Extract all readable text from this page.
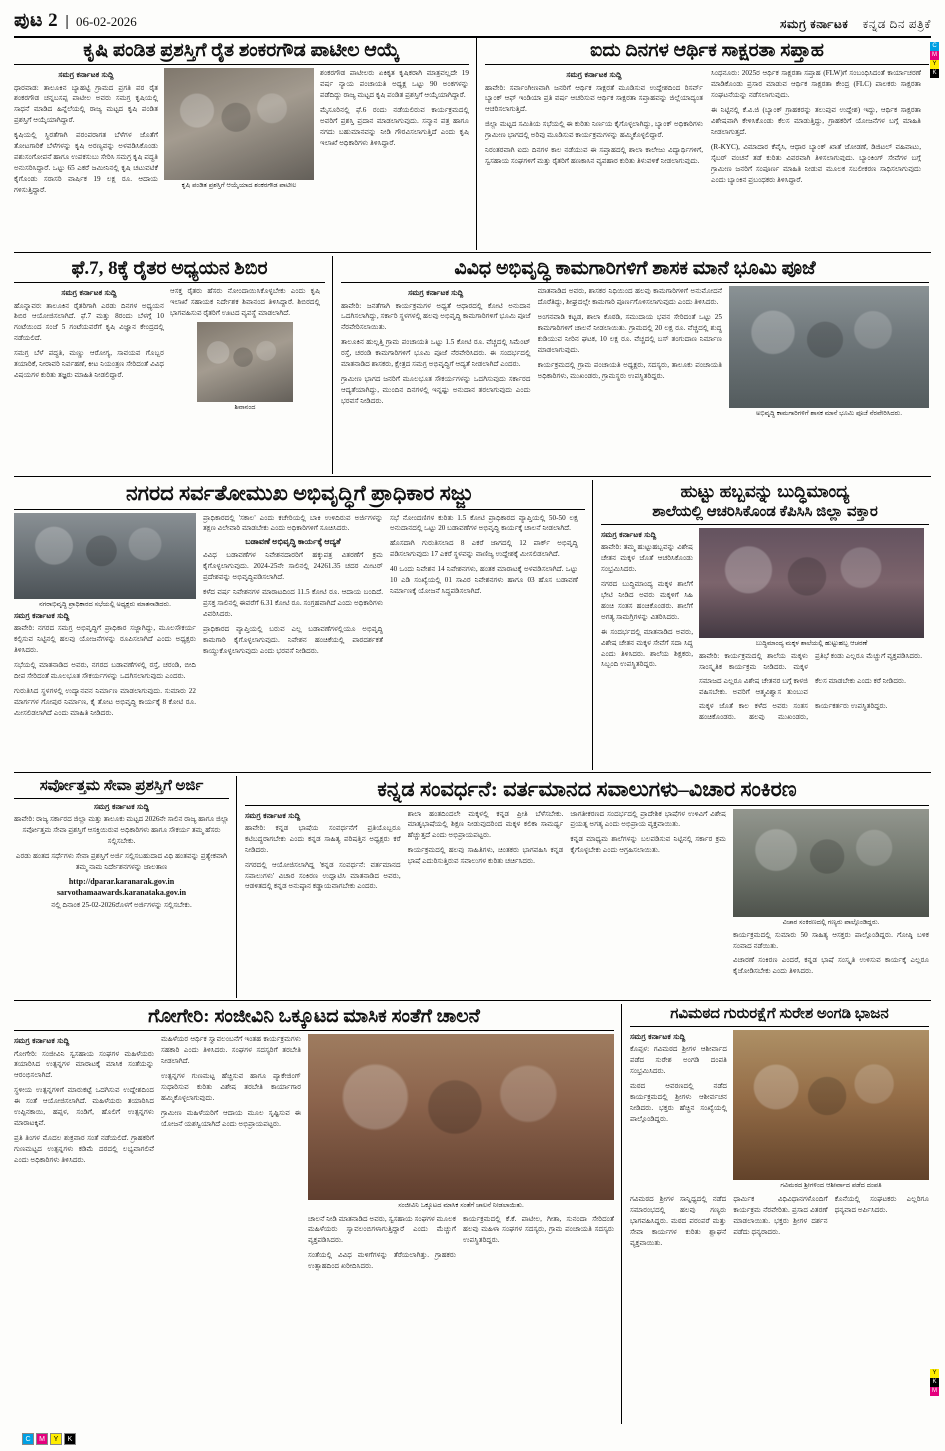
ಪುಟ 2 | 06-02-2026	ಸಮಗ್ರ ಕರ್ನಾಟಕ ಕನ್ನಡ ದಿನ ಪತ್ರಿಕೆ
ಕೃಷಿ ಪಂಡಿತ ಪ್ರಶಸ್ತಿಗೆ ರೈತ ಶಂಕರಗೌಡ ಪಾಟೀಲ ಆಯ್ಕೆ
ಸಮಗ್ರ ಕರ್ನಾಟಕ ಸುದ್ದಿ
ಧಾರವಾಡ: ತಾಲೂಕಿನ ಬ್ಯಾಹಟ್ಟಿ ಗ್ರಾಮದ ಪ್ರಗತಿ ಪರ ರೈತ ಶಂಕರಗೌಡ ಚನ್ನಬಸಪ್ಪ ಪಾಟೀಲ ಅವರು ಸಮಗ್ರ ಕೃಷಿಯಲ್ಲಿ ಸಾಧನೆ ಮಾಡಿದ ಹಿನ್ನೆಲೆಯಲ್ಲಿ ರಾಜ್ಯ ಮಟ್ಟದ ಕೃಷಿ ಪಂಡಿತ ಪ್ರಶಸ್ತಿಗೆ ಆಯ್ಕೆಯಾಗಿದ್ದಾರೆ.
ಕೃಷಿಯಲ್ಲಿ ಸ್ಥಿರತೆಗಾಗಿ ಪರಂಪರಾಗತ ಬೆಳೆಗಳ ಜೊತೆಗೆ ತೋಟಗಾರಿಕೆ ಬೆಳೆಗಳನ್ನು ಕೃಷಿ ಅರಣ್ಯವನ್ನು ಅಳವಡಿಸಿಕೊಂಡು ಪಶುಸಂಗೋಪನೆ ಹಾಗೂ ಉಪಕಸುಬು ಸೇರಿಸಿ ಸಮಗ್ರ ಕೃಷಿ ಪದ್ಧತಿ ಅನುಸರಿಸಿದ್ದಾರೆ. ಒಟ್ಟು 65 ಎಕರೆ ಜಮೀನಿನಲ್ಲಿ ಕೃಷಿ ಚಟುವಟಿಕೆ ಕೈಗೊಂಡು ಸರಾಸರಿ ವಾರ್ಷಿಕ 19 ಲಕ್ಷ ರೂ. ಆದಾಯ ಗಳಿಸುತ್ತಿದ್ದಾರೆ.
ಕೃಷಿ ಪಂಡಿತ ಪ್ರಶಸ್ತಿಗೆ ಆಯ್ಕೆಯಾದ ಶಂಕರಗೌಡ ಪಾಟೀಲ
ಶಂಕರಗೌಡ ಪಾಟೀಲರು ಏಕಿಕೃತ ಕೃಷಿಕರಾಗಿ ಮಾತ್ರವಲ್ಲದೇ 19 ವರ್ಷ ನ್ಯಾಯ ಪಂಚಾಯತಿ ಅಧ್ಯಕ್ಷ ಒಟ್ಟು 90 ಅಂಕಗಳನ್ನು ಪಡೆದಿದ್ದು ರಾಜ್ಯ ಮಟ್ಟದ ಕೃಷಿ ಪಂಡಿತ ಪ್ರಶಸ್ತಿಗೆ ಆಯ್ಕೆಯಾಗಿದ್ದಾರೆ.
ಮೈಸೂರಿನಲ್ಲಿ ಫೆ.6 ರಂದು ನಡೆಯಲಿರುವ ಕಾರ್ಯಕ್ರಮದಲ್ಲಿ ಅವರಿಗೆ ಪ್ರಶಸ್ತಿ ಪ್ರದಾನ ಮಾಡಲಾಗುವುದು. ಸನ್ಮಾನ ಪತ್ರ ಹಾಗೂ ನಗದು ಬಹುಮಾನವನ್ನು ನೀಡಿ ಗೌರವಿಸಲಾಗುತ್ತಿದೆ ಎಂದು ಕೃಷಿ ಇಲಾಖೆ ಅಧಿಕಾರಿಗಳು ತಿಳಿಸಿದ್ದಾರೆ.
ಐದು ದಿನಗಳ ಆರ್ಥಿಕ ಸಾಕ್ಷರತಾ ಸಪ್ತಾಹ
ಸಮಗ್ರ ಕರ್ನಾಟಕ ಸುದ್ದಿ
ಹಾವೇರಿ: ಸರ್ವಾಂಗೀಣವಾಗಿ ಜನರಿಗೆ ಆರ್ಥಿಕ ಸಾಕ್ಷರತೆ ಮೂಡಿಸುವ ಉದ್ದೇಶದಿಂದ ರಿಸರ್ವ್ ಬ್ಯಾಂಕ್ ಆಫ್ ಇಂಡಿಯಾ ಪ್ರತಿ ವರ್ಷ ಆಚರಿಸುವ ಆರ್ಥಿಕ ಸಾಕ್ಷರತಾ ಸಪ್ತಾಹವನ್ನು ಜಿಲ್ಲೆಯಾದ್ಯಂತ ಆಚರಿಸಲಾಗುತ್ತಿದೆ.
ಜಿಲ್ಲಾ ಮಟ್ಟದ ಸಮಿತಿಯ ಸಭೆಯಲ್ಲಿ ಈ ಕುರಿತು ನಿರ್ಣಯ ಕೈಗೊಳ್ಳಲಾಗಿದ್ದು, ಬ್ಯಾಂಕ್ ಅಧಿಕಾರಿಗಳು ಗ್ರಾಮೀಣ ಭಾಗದಲ್ಲಿ ಅರಿವು ಮೂಡಿಸುವ ಕಾರ್ಯಕ್ರಮಗಳನ್ನು ಹಮ್ಮಿಕೊಳ್ಳಲಿದ್ದಾರೆ.
ನಿರಂತರವಾಗಿ ಐದು ದಿನಗಳ ಕಾಲ ನಡೆಯುವ ಈ ಸಪ್ತಾಹದಲ್ಲಿ ಶಾಲಾ ಕಾಲೇಜು ವಿದ್ಯಾರ್ಥಿಗಳಿಗೆ, ಸ್ವಸಹಾಯ ಸಂಘಗಳಿಗೆ ಮತ್ತು ರೈತರಿಗೆ ಹಣಕಾಸಿನ ವ್ಯವಹಾರ ಕುರಿತು ತಿಳುವಳಿಕೆ ನೀಡಲಾಗುವುದು.
ಸಿಂಧನೂರು: 2025ರ ಆರ್ಥಿಕ ಸಾಕ್ಷರತಾ ಸಪ್ತಾಹ (FLW)ಗೆ ಸಂಬಂಧಿಸಿದಂತೆ ಕಾರ್ಯಾಚರಣೆ ಮಾಡಿಕೊಂಡು ಪ್ರಸಾರ ಮಾಡುವ ಆರ್ಥಿಕ ಸಾಕ್ಷರತಾ ಕೇಂದ್ರ (FLC) ಪಾಲಕರು ಸಾಕ್ಷರತಾ ಸಂಘಟನೆಯನ್ನು ನಡೆಸಲಾಗುವುದು.
ಈ ನಿಟ್ಟಿನಲ್ಲಿ ಕೆ.ವಿ.ಜಿ (ಬ್ಯಾಂಕ್ ಗ್ರಾಹಕರನ್ನು ತಲುಪುವ ಉದ್ದೇಶ) ಇದ್ದು, ಆರ್ಥಿಕ ಸಾಕ್ಷರತಾ ವಿಶೇಷವಾಗಿ ಕೇಳಿಸಿಕೊಂಡು ಕೆಲಸ ಮಾಡುತ್ತಿದ್ದು, ಗ್ರಾಹಕರಿಗೆ ಯೋಜನೆಗಳ ಬಗ್ಗೆ ಮಾಹಿತಿ ನೀಡಲಾಗುತ್ತದೆ.
(R-KYC), ವಿಮಾದಾರ ಕೆವೈಸಿ, ಆಧಾರ ಬ್ಯಾಂಕ್ ಖಾತೆ ಜೋಡಣೆ, ಡಿಜಿಟಲ್ ವಹಿವಾಟು, ಸೈಬರ್ ವಂಚನೆ ತಡೆ ಕುರಿತು ವಿವರವಾಗಿ ತಿಳಿಸಲಾಗುವುದು. ಬ್ಯಾಂಕಿಂಗ್ ಸೇವೆಗಳ ಬಗ್ಗೆ ಗ್ರಾಮೀಣ ಜನರಿಗೆ ಸಂಪೂರ್ಣ ಮಾಹಿತಿ ನೀಡುವ ಮೂಲಕ ಸಬಲೀಕರಣ ಸಾಧಿಸಲಾಗುವುದು ಎಂದು ಬ್ಯಾಂಕಿನ ಪ್ರಬಂಧಕರು ತಿಳಿಸಿದ್ದಾರೆ.
C
M
Y
K
ಫೆ.7, 8ಕ್ಕೆ ರೈತರ ಅಧ್ಯಯನ ಶಿಬಿರ
ಸಮಗ್ರ ಕರ್ನಾಟಕ ಸುದ್ದಿ
ಹೊನ್ನಾವರ: ತಾಲೂಕಿನ ರೈತರಿಗಾಗಿ ಎರಡು ದಿನಗಳ ಅಧ್ಯಯನ ಶಿಬಿರ ಆಯೋಜಿಸಲಾಗಿದೆ. ಫೆ.7 ಮತ್ತು 8ರಂದು ಬೆಳಗ್ಗೆ 10 ಗಂಟೆಯಿಂದ ಸಂಜೆ 5 ಗಂಟೆಯವರೆಗೆ ಕೃಷಿ ವಿಜ್ಞಾನ ಕೇಂದ್ರದಲ್ಲಿ ನಡೆಯಲಿದೆ.
ಸಮಗ್ರ ಬೆಳೆ ಪದ್ಧತಿ, ಮಣ್ಣು ಆರೋಗ್ಯ, ಸಾವಯವ ಗೊಬ್ಬರ ತಯಾರಿಕೆ, ನೀರಾವರಿ ನಿರ್ವಹಣೆ, ಕೀಟ ನಿಯಂತ್ರಣ ಸೇರಿದಂತೆ ವಿವಿಧ ವಿಷಯಗಳ ಕುರಿತು ತಜ್ಞರು ಮಾಹಿತಿ ನೀಡಲಿದ್ದಾರೆ.
ಆಸಕ್ತ ರೈತರು ಹೆಸರು ನೋಂದಾಯಿಸಿಕೊಳ್ಳಬೇಕು ಎಂದು ಕೃಷಿ ಇಲಾಖೆ ಸಹಾಯಕ ನಿರ್ದೇಶಕ ಶಿವಾನಂದ ತಿಳಿಸಿದ್ದಾರೆ. ಶಿಬಿರದಲ್ಲಿ ಭಾಗವಹಿಸುವ ರೈತರಿಗೆ ಊಟದ ವ್ಯವಸ್ಥೆ ಮಾಡಲಾಗಿದೆ.
ಶಿವಾನಂದ
ವಿವಿಧ ಅಭಿವೃದ್ಧಿ ಕಾಮಗಾರಿಗಳಿಗೆ ಶಾಸಕ ಮಾನೆ ಭೂಮಿ ಪೂಜೆ
ಸಮಗ್ರ ಕರ್ನಾಟಕ ಸುದ್ದಿ
ಹಾವೇರಿ: ಜನತೆಗಾಗಿ ಕಾರ್ಯಕ್ರಮಗಳ ಅಧ್ಯತೆ ಆಧಾರದಲ್ಲಿ ಕೋಟಿ ಅನುದಾನ ಒದಗಿಸಲಾಗಿದ್ದು, ಸರ್ಕಾರಿ ಸ್ಥಳಗಳಲ್ಲಿ ಹಲವು ಅಭಿವೃದ್ಧಿ ಕಾಮಗಾರಿಗಳಿಗೆ ಭೂಮಿ ಪೂಜೆ ನೆರವೇರಿಸಲಾಯಿತು.
ತಾಲೂಕಿನ ಹುಲ್ಲತ್ತಿ ಗ್ರಾಮ ಪಂಚಾಯತಿ ಒಟ್ಟು 1.5 ಕೋಟಿ ರೂ. ವೆಚ್ಚದಲ್ಲಿ ಸಿಮೆಂಟ್ ರಸ್ತೆ, ಚರಂಡಿ ಕಾಮಗಾರಿಗಳಿಗೆ ಭೂಮಿ ಪೂಜೆ ನೆರವೇರಿಸಿದರು. ಈ ಸಂದರ್ಭದಲ್ಲಿ ಮಾತನಾಡಿದ ಶಾಸಕರು, ಕ್ಷೇತ್ರದ ಸಮಗ್ರ ಅಭಿವೃದ್ಧಿಗೆ ಆದ್ಯತೆ ನೀಡಲಾಗಿದೆ ಎಂದರು.
ಗ್ರಾಮೀಣ ಭಾಗದ ಜನರಿಗೆ ಮೂಲಭೂತ ಸೌಕರ್ಯಗಳನ್ನು ಒದಗಿಸುವುದು ಸರ್ಕಾರದ ಆದ್ಯತೆಯಾಗಿದ್ದು, ಮುಂದಿನ ದಿನಗಳಲ್ಲಿ ಇನ್ನಷ್ಟು ಅನುದಾನ ತರಲಾಗುವುದು ಎಂದು ಭರವಸೆ ನೀಡಿದರು.
ಮಾತನಾಡಿದ ಅವರು, ಶಾಸಕರ ನಿಧಿಯಿಂದ ಹಲವು ಕಾಮಗಾರಿಗಳಿಗೆ ಅನುಮೋದನೆ ದೊರೆತಿದ್ದು, ಶೀಘ್ರದಲ್ಲೇ ಕಾಮಗಾರಿ ಪೂರ್ಣಗೊಳಿಸಲಾಗುವುದು ಎಂದು ತಿಳಿಸಿದರು.
ಅಂಗನವಾಡಿ ಕಟ್ಟಡ, ಶಾಲಾ ಕೊಠಡಿ, ಸಮುದಾಯ ಭವನ ಸೇರಿದಂತೆ ಒಟ್ಟು 25 ಕಾಮಗಾರಿಗಳಿಗೆ ಚಾಲನೆ ನೀಡಲಾಯಿತು. ಗ್ರಾಮದಲ್ಲಿ 20 ಲಕ್ಷ ರೂ. ವೆಚ್ಚದಲ್ಲಿ ಶುದ್ಧ ಕುಡಿಯುವ ನೀರಿನ ಘಟಕ, 10 ಲಕ್ಷ ರೂ. ವೆಚ್ಚದಲ್ಲಿ ಬಸ್ ತಂಗುದಾಣ ನಿರ್ಮಾಣ ಮಾಡಲಾಗುವುದು.
ಕಾರ್ಯಕ್ರಮದಲ್ಲಿ ಗ್ರಾಮ ಪಂಚಾಯತಿ ಅಧ್ಯಕ್ಷರು, ಸದಸ್ಯರು, ತಾಲೂಕು ಪಂಚಾಯತಿ ಅಧಿಕಾರಿಗಳು, ಮುಖಂಡರು, ಗ್ರಾಮಸ್ಥರು ಉಪಸ್ಥಿತರಿದ್ದರು.
ಅಭಿವೃದ್ಧಿ ಕಾಮಗಾರಿಗಳಿಗೆ ಶಾಸಕ ಮಾನೆ ಭೂಮಿ ಪೂಜೆ ನೆರವೇರಿಸಿದರು.
ನಗರದ ಸರ್ವತೋಮುಖ ಅಭಿವೃದ್ಧಿಗೆ ಪ್ರಾಧಿಕಾರ ಸಜ್ಜು
ನಗರಾಭಿವೃದ್ಧಿ ಪ್ರಾಧಿಕಾರದ ಸಭೆಯಲ್ಲಿ ಅಧ್ಯಕ್ಷರು ಮಾತನಾಡಿದರು.
ಸಮಗ್ರ ಕರ್ನಾಟಕ ಸುದ್ದಿ
ಹಾವೇರಿ: ನಗರದ ಸಮಗ್ರ ಅಭಿವೃದ್ಧಿಗೆ ಪ್ರಾಧಿಕಾರ ಸಜ್ಜಾಗಿದ್ದು, ಮೂಲಸೌಕರ್ಯ ಕಲ್ಪಿಸುವ ನಿಟ್ಟಿನಲ್ಲಿ ಹಲವು ಯೋಜನೆಗಳನ್ನು ರೂಪಿಸಲಾಗಿದೆ ಎಂದು ಅಧ್ಯಕ್ಷರು ತಿಳಿಸಿದರು.
ಸಭೆಯಲ್ಲಿ ಮಾತನಾಡಿದ ಅವರು, ನಗರದ ಬಡಾವಣೆಗಳಲ್ಲಿ ರಸ್ತೆ, ಚರಂಡಿ, ಬೀದಿ ದೀಪ ಸೇರಿದಂತೆ ಮೂಲಭೂತ ಸೌಕರ್ಯಗಳನ್ನು ಒದಗಿಸಲಾಗುವುದು ಎಂದರು.
ಗುರುತಿಸಿದ ಸ್ಥಳಗಳಲ್ಲಿ ಉದ್ಯಾನವನ ನಿರ್ಮಾಣ ಮಾಡಲಾಗುವುದು. ಸುಮಾರು 22 ಮಾರ್ಗಗಳ ಗೋಪುರ ನಿರ್ಮಾಣ, ಕೈ ತೋಟ ಅಭಿವೃದ್ಧಿ ಕಾರ್ಯಕ್ಕೆ 8 ಕೋಟಿ ರೂ. ಮೀಸಲಿಡಲಾಗಿದೆ ಎಂದು ಮಾಹಿತಿ ನೀಡಿದರು.
ಪ್ರಾಧಿಕಾರದಲ್ಲಿ 'ಸಕಾಲ' ಎಂದು ಕಚೇರಿಯಲ್ಲಿ ಬಾಕಿ ಉಳಿದಿರುವ ಅರ್ಜಿಗಳನ್ನು ತಕ್ಷಣ ವಿಲೇವಾರಿ ಮಾಡಬೇಕು ಎಂದು ಅಧಿಕಾರಿಗಳಿಗೆ ಸೂಚಿಸಿದರು.
ಬಡಾವಣೆ ಅಭಿವೃದ್ಧಿ ಕಾರ್ಯಕ್ಕೆ ಆದ್ಯತೆ
ವಿವಿಧ ಬಡಾವಣೆಗಳ ನಿವೇಶನದಾರರಿಗೆ ಹಕ್ಕುಪತ್ರ ವಿತರಣೆಗೆ ಕ್ರಮ ಕೈಗೊಳ್ಳಲಾಗುವುದು. 2024-25ನೇ ಸಾಲಿನಲ್ಲಿ 24261.35 ಚದರ ಮೀಟರ್ ಪ್ರದೇಶವನ್ನು ಅಭಿವೃದ್ಧಿಪಡಿಸಲಾಗಿದೆ.
ಕಳೆದ ವರ್ಷ ನಿವೇಶನಗಳ ಮಾರಾಟದಿಂದ 11.5 ಕೋಟಿ ರೂ. ಆದಾಯ ಬಂದಿದೆ. ಪ್ರಸಕ್ತ ಸಾಲಿನಲ್ಲಿ ಈವರೆಗೆ 6.31 ಕೋಟಿ ರೂ. ಸಂಗ್ರಹವಾಗಿದೆ ಎಂದು ಅಧಿಕಾರಿಗಳು ವಿವರಿಸಿದರು.
ಪ್ರಾಧಿಕಾರದ ವ್ಯಾಪ್ತಿಯಲ್ಲಿ ಬರುವ ಎಲ್ಲ ಬಡಾವಣೆಗಳಲ್ಲಿಯೂ ಅಭಿವೃದ್ಧಿ ಕಾಮಗಾರಿ ಕೈಗೊಳ್ಳಲಾಗುವುದು. ನಿವೇಶನ ಹಂಚಿಕೆಯಲ್ಲಿ ಪಾರದರ್ಶಕತೆ ಕಾಯ್ದುಕೊಳ್ಳಲಾಗುವುದು ಎಂದು ಭರವಸೆ ನೀಡಿದರು.
ಸಭೆ ನೋಂದಣಿಗಳ ಕುರಿತು 1.5 ಕೋಟಿ ಪ್ರಾಧಿಕಾರದ ವ್ಯಾಪ್ತಿಯಲ್ಲಿ 50-50 ಲಕ್ಷ ಅನುದಾನದಲ್ಲಿ ಒಟ್ಟು 20 ಬಡಾವಣೆಗಳ ಅಭಿವೃದ್ಧಿ ಕಾರ್ಯಕ್ಕೆ ಚಾಲನೆ ನೀಡಲಾಗಿದೆ.
ಹೊಸದಾಗಿ ಗುರುತಿಸಲಾದ 8 ಎಕರೆ ಜಾಗದಲ್ಲಿ 12 ಪಾರ್ಕ್ ಅಭಿವೃದ್ಧಿ ಪಡಿಸಲಾಗುವುದು 17 ಎಕರೆ ಸ್ಥಳವನ್ನು ವಾಣಿಜ್ಯ ಉದ್ದೇಶಕ್ಕೆ ಮೀಸಲಿಡಲಾಗಿದೆ.
40 ಒಂದು ನಿವೇಶನ 14 ನಿವೇಶನಗಳು, ಹಂತಕ ಮಾರಾಟಕ್ಕೆ ಅಳವಡಿಸಲಾಗಿದೆ. ಒಟ್ಟು 10 ಎಡಿ ಸಂಖ್ಯೆಯಲ್ಲಿ 01 ಸಾವಿರ ನಿವೇಶನಗಳು ಹಾಗೂ 03 ಹೊಸ ಬಡಾವಣೆ ನಿರ್ಮಾಣಕ್ಕೆ ಯೋಜನೆ ಸಿದ್ಧಪಡಿಸಲಾಗಿದೆ.
ಹುಟ್ಟು ಹಬ್ಬವನ್ನು ಬುದ್ಧಿಮಾಂದ್ಯ
ಶಾಲೆಯಲ್ಲಿ ಆಚರಿಸಿಕೊಂಡ ಕೆಪಿಸಿಸಿ ಜಿಲ್ಲಾ ವಕ್ತಾರ
ಸಮಗ್ರ ಕರ್ನಾಟಕ ಸುದ್ದಿ
ಹಾವೇರಿ: ತಮ್ಮ ಹುಟ್ಟುಹಬ್ಬವನ್ನು ವಿಶೇಷ ಚೇತನ ಮಕ್ಕಳ ಜೊತೆ ಆಚರಿಸಿಕೊಂಡು ಸಂಭ್ರಮಿಸಿದರು.
ನಗರದ ಬುದ್ಧಿಮಾಂದ್ಯ ಮಕ್ಕಳ ಶಾಲೆಗೆ ಭೇಟಿ ನೀಡಿದ ಅವರು ಮಕ್ಕಳಿಗೆ ಸಿಹಿ ಹಂಚಿ ಸಂತಸ ಹಂಚಿಕೊಂಡರು. ಶಾಲೆಗೆ ಅಗತ್ಯ ಸಾಮಗ್ರಿಗಳನ್ನು ವಿತರಿಸಿದರು.
ಈ ಸಂದರ್ಭದಲ್ಲಿ ಮಾತನಾಡಿದ ಅವರು, ವಿಶೇಷ ಚೇತನ ಮಕ್ಕಳ ಸೇವೆಗೆ ಸದಾ ಸಿದ್ಧ ಎಂದು ತಿಳಿಸಿದರು. ಶಾಲೆಯ ಶಿಕ್ಷಕರು, ಸಿಬ್ಬಂದಿ ಉಪಸ್ಥಿತರಿದ್ದರು.
ಬುದ್ಧಿಮಾಂದ್ಯ ಮಕ್ಕಳ ಶಾಲೆಯಲ್ಲಿ ಹುಟ್ಟುಹಬ್ಬ ಆಚರಣೆ
ಹಾವೇರಿ: ಕಾರ್ಯಕ್ರಮದಲ್ಲಿ ಶಾಲೆಯ ಮಕ್ಕಳು ಸಾಂಸ್ಕೃತಿಕ ಕಾರ್ಯಕ್ರಮ ನೀಡಿದರು. ಮಕ್ಕಳ ಪ್ರತಿಭೆ ಕಂಡು ಎಲ್ಲರೂ ಮೆಚ್ಚುಗೆ ವ್ಯಕ್ತಪಡಿಸಿದರು.
ಸಮಾಜದ ಎಲ್ಲರೂ ವಿಶೇಷ ಚೇತನರ ಬಗ್ಗೆ ಕಾಳಜಿ ವಹಿಸಬೇಕು. ಅವರಿಗೆ ಆತ್ಮವಿಶ್ವಾಸ ತುಂಬುವ ಕೆಲಸ ಮಾಡಬೇಕು ಎಂದು ಕರೆ ನೀಡಿದರು.
ಮಕ್ಕಳ ಜೊತೆ ಕಾಲ ಕಳೆದ ಅವರು ಸಂತಸ ಹಂಚಿಕೊಂಡರು. ಹಲವು ಮುಖಂಡರು, ಕಾರ್ಯಕರ್ತರು ಉಪಸ್ಥಿತರಿದ್ದರು.
ಸರ್ವೋತ್ತಮ ಸೇವಾ ಪ್ರಶಸ್ತಿಗೆ ಅರ್ಜಿ
ಸಮಗ್ರ ಕರ್ನಾಟಕ ಸುದ್ದಿ
ಹಾವೇರಿ: ರಾಜ್ಯ ಸರ್ಕಾರದ ಜಿಲ್ಲಾ ಮತ್ತು ತಾಲೂಕು ಮಟ್ಟದ 2026ನೇ ಸಾಲಿನ ರಾಜ್ಯ ಹಾಗೂ ಜಿಲ್ಲಾ ಸರ್ವೋತ್ತಮ ಸೇವಾ ಪ್ರಶಸ್ತಿಗೆ ಆಸಕ್ತಿಯಿರುವ ಅಧಿಕಾರಿಗಳು ಹಾಗೂ ಸೌಕರ್ಯ ತಮ್ಮ ಹೆಸರು ಸಲ್ಲಿಸಬೇಕು.
ಎರಡು ಹಂತದ ಸರ್ಧೆಗಳು ಸೇವಾ ಪ್ರಶಸ್ತಿಗೆ ಅರ್ಜಿ ಸಲ್ಲಿಸಬಹುದಾದ ವಿಧಿ ಹಂತವನ್ನು ಪ್ರತ್ಯೇಕವಾಗಿ ತಮ್ಮ ನಾಮ ನಿರ್ದೇಶನಗಳನ್ನು ಜಾಲತಾಣ
http://dparar.karanarak.gov.in
sarvothamaawards.karanataka.gov.in
ನಲ್ಲಿ ದಿನಾಂಕ 25-02-2026ರೊಳಗೆ ಅರ್ಜಿಗಳನ್ನು ಸಲ್ಲಿಸಬೇಕು.
ಕನ್ನಡ ಸಂವರ್ಧನೆ: ವರ್ತಮಾನದ ಸವಾಲುಗಳು–ವಿಚಾರ ಸಂಕಿರಣ
ಸಮಗ್ರ ಕರ್ನಾಟಕ ಸುದ್ದಿ
ಹಾವೇರಿ: ಕನ್ನಡ ಭಾಷೆಯ ಸಂವರ್ಧನೆಗೆ ಪ್ರತಿಯೊಬ್ಬರೂ ಕಟಿಬದ್ಧರಾಗಬೇಕು ಎಂದು ಕನ್ನಡ ಸಾಹಿತ್ಯ ಪರಿಷತ್ತಿನ ಅಧ್ಯಕ್ಷರು ಕರೆ ನೀಡಿದರು.
ನಗರದಲ್ಲಿ ಆಯೋಜಿಸಲಾಗಿದ್ದ 'ಕನ್ನಡ ಸಂವರ್ಧನೆ: ವರ್ತಮಾನದ ಸವಾಲುಗಳು' ವಿಚಾರ ಸಂಕಿರಣ ಉದ್ಘಾಟಿಸಿ ಮಾತನಾಡಿದ ಅವರು, ಆಡಳಿತದಲ್ಲಿ ಕನ್ನಡ ಅನುಷ್ಠಾನ ಕಡ್ಡಾಯವಾಗಬೇಕು ಎಂದರು.
ಶಾಲಾ ಹಂತದಿಂದಲೇ ಮಕ್ಕಳಲ್ಲಿ ಕನ್ನಡ ಪ್ರೀತಿ ಬೆಳೆಸಬೇಕು. ಮಾತೃಭಾಷೆಯಲ್ಲಿ ಶಿಕ್ಷಣ ನೀಡುವುದರಿಂದ ಮಕ್ಕಳ ಕಲಿಕಾ ಸಾಮರ್ಥ್ಯ ಹೆಚ್ಚುತ್ತದೆ ಎಂದು ಅಭಿಪ್ರಾಯಪಟ್ಟರು.
ಕಾರ್ಯಕ್ರಮದಲ್ಲಿ ಹಲವು ಸಾಹಿತಿಗಳು, ಚಿಂತಕರು ಭಾಗವಹಿಸಿ ಕನ್ನಡ ಭಾಷೆ ಎದುರಿಸುತ್ತಿರುವ ಸವಾಲುಗಳ ಕುರಿತು ಚರ್ಚಿಸಿದರು.
ಜಾಗತೀಕರಣದ ಸಂದರ್ಭದಲ್ಲಿ ಪ್ರಾದೇಶಿಕ ಭಾಷೆಗಳ ಉಳಿವಿಗೆ ವಿಶೇಷ ಪ್ರಯತ್ನ ಅಗತ್ಯ ಎಂದು ಅಭಿಪ್ರಾಯ ವ್ಯಕ್ತವಾಯಿತು.
ಕನ್ನಡ ಮಾಧ್ಯಮ ಶಾಲೆಗಳನ್ನು ಬಲಪಡಿಸುವ ನಿಟ್ಟಿನಲ್ಲಿ ಸರ್ಕಾರ ಕ್ರಮ ಕೈಗೊಳ್ಳಬೇಕು ಎಂದು ಆಗ್ರಹಿಸಲಾಯಿತು.
ವಿಚಾರ ಸಂಕಿರಣದಲ್ಲಿ ಗಣ್ಯರು ಪಾಲ್ಗೊಂಡಿದ್ದರು.
ಕಾರ್ಯಕ್ರಮದಲ್ಲಿ ಸುಮಾರು 50 ಸಾಹಿತ್ಯ ಆಸಕ್ತರು ಪಾಲ್ಗೊಂಡಿದ್ದರು. ಗೋಷ್ಠಿ ಬಳಿಕ ಸಂವಾದ ನಡೆಯಿತು.
ವಿಚಾರಣೆ ಸಂಕಿರಣ ಎಂದರೆ, ಕನ್ನಡ ಭಾಷೆ ಸಂಸ್ಕೃತಿ ಉಳಿಸುವ ಕಾರ್ಯಕ್ಕೆ ಎಲ್ಲರೂ ಕೈಜೋಡಿಸಬೇಕು ಎಂದು ತಿಳಿಸಿದರು.
ಗೋಗೇರಿ: ಸಂಜೀವಿನಿ ಒಕ್ಕೂಟದ ಮಾಸಿಕ ಸಂತೆಗೆ ಚಾಲನೆ
ಸಮಗ್ರ ಕರ್ನಾಟಕ ಸುದ್ದಿ
ಗೋಗೇರಿ: ಸಂಜೀವಿನಿ ಸ್ವಸಹಾಯ ಸಂಘಗಳ ಮಹಿಳೆಯರು ತಯಾರಿಸಿದ ಉತ್ಪನ್ನಗಳ ಮಾರಾಟಕ್ಕೆ ಮಾಸಿಕ ಸಂತೆಯನ್ನು ಆರಂಭಿಸಲಾಗಿದೆ.
ಸ್ಥಳೀಯ ಉತ್ಪನ್ನಗಳಿಗೆ ಮಾರುಕಟ್ಟೆ ಒದಗಿಸುವ ಉದ್ದೇಶದಿಂದ ಈ ಸಂತೆ ಆಯೋಜಿಸಲಾಗಿದೆ. ಮಹಿಳೆಯರು ತಯಾರಿಸಿದ ಉಪ್ಪಿನಕಾಯಿ, ಹಪ್ಪಳ, ಸಂಡಿಗೆ, ಹೊಲಿಗೆ ಉತ್ಪನ್ನಗಳು ಮಾರಾಟಕ್ಕಿವೆ.
ಪ್ರತಿ ತಿಂಗಳ ಮೊದಲ ಶುಕ್ರವಾರ ಸಂತೆ ನಡೆಯಲಿದೆ. ಗ್ರಾಹಕರಿಗೆ ಗುಣಮಟ್ಟದ ಉತ್ಪನ್ನಗಳು ಕಡಿಮೆ ದರದಲ್ಲಿ ಲಭ್ಯವಾಗಲಿವೆ ಎಂದು ಅಧಿಕಾರಿಗಳು ತಿಳಿಸಿದರು.
ಮಹಿಳೆಯರ ಆರ್ಥಿಕ ಸ್ವಾವಲಂಬನೆಗೆ ಇಂತಹ ಕಾರ್ಯಕ್ರಮಗಳು ಸಹಕಾರಿ ಎಂದು ತಿಳಿಸಿದರು. ಸಂಘಗಳ ಸದಸ್ಯರಿಗೆ ತರಬೇತಿ ನೀಡಲಾಗಿದೆ.
ಉತ್ಪನ್ನಗಳ ಗುಣಮಟ್ಟ ಹೆಚ್ಚಿಸುವ ಹಾಗೂ ಪ್ಯಾಕೇಜಿಂಗ್ ಸುಧಾರಿಸುವ ಕುರಿತು ವಿಶೇಷ ತರಬೇತಿ ಕಾರ್ಯಾಗಾರ ಹಮ್ಮಿಕೊಳ್ಳಲಾಗುವುದು.
ಗ್ರಾಮೀಣ ಮಹಿಳೆಯರಿಗೆ ಆದಾಯ ಮೂಲ ಸೃಷ್ಟಿಸುವ ಈ ಯೋಜನೆ ಯಶಸ್ವಿಯಾಗಿದೆ ಎಂದು ಅಭಿಪ್ರಾಯಪಟ್ಟರು.
ಸಂಜೀವಿನಿ ಒಕ್ಕೂಟದ ಮಾಸಿಕ ಸಂತೆಗೆ ಚಾಲನೆ ನೀಡಲಾಯಿತು.
ಚಾಲನೆ ನೀಡಿ ಮಾತನಾಡಿದ ಅವರು, ಸ್ವಸಹಾಯ ಸಂಘಗಳ ಮೂಲಕ ಮಹಿಳೆಯರು ಸ್ವಾವಲಂಬಿಗಳಾಗುತ್ತಿದ್ದಾರೆ ಎಂದು ಮೆಚ್ಚುಗೆ ವ್ಯಕ್ತಪಡಿಸಿದರು.
ಸಂತೆಯಲ್ಲಿ ವಿವಿಧ ಮಳಿಗೆಗಳನ್ನು ತೆರೆಯಲಾಗಿತ್ತು. ಗ್ರಾಹಕರು ಉತ್ಸಾಹದಿಂದ ಖರೀದಿಸಿದರು.
ಕಾರ್ಯಕ್ರಮದಲ್ಲಿ ಕೆ.ಕೆ. ಪಾಟೀಲ, ಗೀತಾ, ಸುನಂದಾ ಸೇರಿದಂತೆ ಹಲವು ಮಹಿಳಾ ಸಂಘಗಳ ಸದಸ್ಯರು, ಗ್ರಾಮ ಪಂಚಾಯತಿ ಸದಸ್ಯರು ಉಪಸ್ಥಿತರಿದ್ದರು.
ಗವಿಮಠದ ಗುರುರಕ್ಷೆಗೆ ಸುರೇಶ ಅಂಗಡಿ ಭಾಜನ
ಸಮಗ್ರ ಕರ್ನಾಟಕ ಸುದ್ದಿ
ಕೊಪ್ಪಳ: ಗವಿಮಠದ ಶ್ರೀಗಳ ಆಶೀರ್ವಾದ ಪಡೆದ ಸುರೇಶ ಅಂಗಡಿ ದಂಪತಿ ಸಂಭ್ರಮಿಸಿದರು.
ಮಠದ ಆವರಣದಲ್ಲಿ ನಡೆದ ಕಾರ್ಯಕ್ರಮದಲ್ಲಿ ಶ್ರೀಗಳು ಆಶೀರ್ವಚನ ನೀಡಿದರು. ಭಕ್ತರು ಹೆಚ್ಚಿನ ಸಂಖ್ಯೆಯಲ್ಲಿ ಪಾಲ್ಗೊಂಡಿದ್ದರು.
ಗವಿಮಠದ ಶ್ರೀಗಳಿಂದ ಆಶೀರ್ವಾದ ಪಡೆದ ದಂಪತಿ
ಗವಿಮಠದ ಶ್ರೀಗಳ ಸಾನ್ನಿಧ್ಯದಲ್ಲಿ ನಡೆದ ಸಮಾರಂಭದಲ್ಲಿ ಹಲವು ಗಣ್ಯರು ಭಾಗವಹಿಸಿದ್ದರು. ಮಠದ ಪರಂಪರೆ ಮತ್ತು ಸೇವಾ ಕಾರ್ಯಗಳ ಕುರಿತು ಶ್ಲಾಘನೆ ವ್ಯಕ್ತವಾಯಿತು.
ಧಾರ್ಮಿಕ ವಿಧಿವಿಧಾನಗಳೊಂದಿಗೆ ಕಾರ್ಯಕ್ರಮ ನೆರವೇರಿತು. ಪ್ರಸಾದ ವಿತರಣೆ ಮಾಡಲಾಯಿತು. ಭಕ್ತರು ಶ್ರೀಗಳ ದರ್ಶನ ಪಡೆದು ಧನ್ಯರಾದರು.
ಕೊನೆಯಲ್ಲಿ ಸಂಘಟಕರು ಎಲ್ಲರಿಗೂ ಧನ್ಯವಾದ ಅರ್ಪಿಸಿದರು.
Y
K
M
C	M	Y	K
